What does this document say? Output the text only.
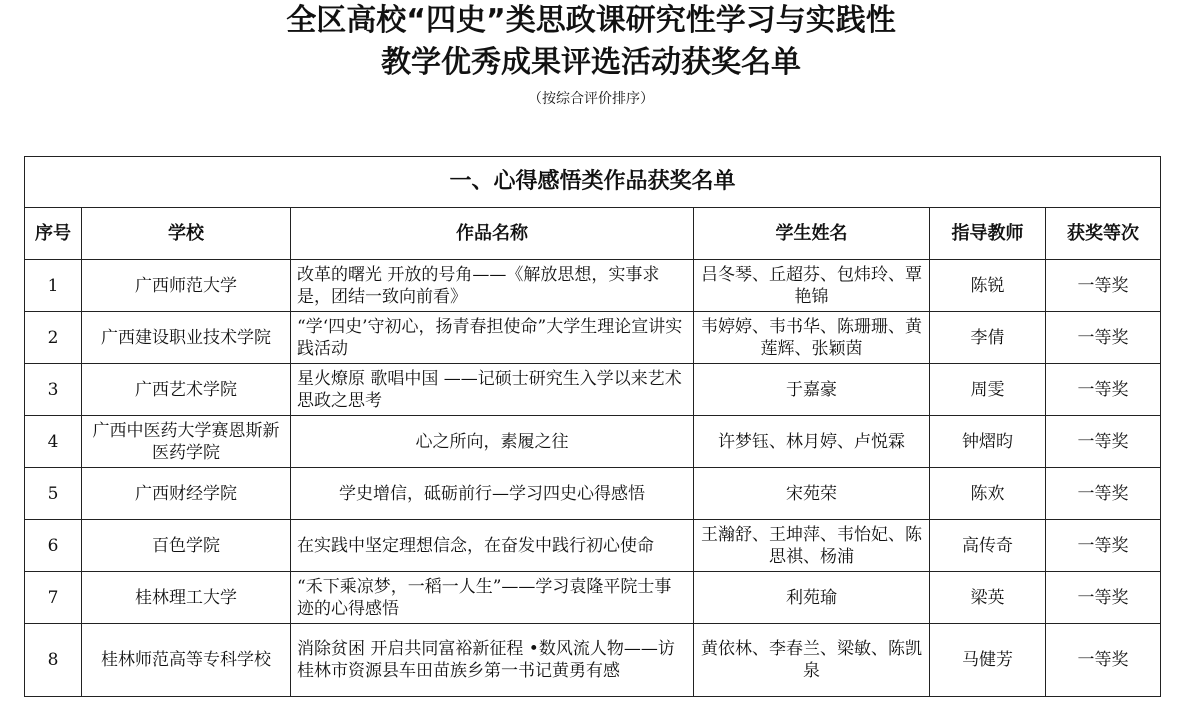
全区高校“四史”类思政课研究性学习与实践性
教学优秀成果评选活动获奖名单
（按综合评价排序）
一、心得感悟类作品获奖名单					
序号	学校	作品名称	学生姓名	指导教师	获奖等次
1	广西师范大学	改革的曙光 开放的号角——《解放思想，实事求是，团结一致向前看》	吕冬琴、丘超芬、包炜玲、覃艳锦	陈锐	一等奖
2	广西建设职业技术学院	“学‘四史’守初心，扬青春担使命”大学生理论宣讲实践活动	韦婷婷、韦书华、陈珊珊、黄莲辉、张颖茵	李倩	一等奖
3	广西艺术学院	星火燎原 歌唱中国 ——记硕士研究生入学以来艺术思政之思考	于嘉豪	周雯	一等奖
4	广西中医药大学赛恩斯新医药学院	心之所向，素履之往	许梦钰、林月婷、卢悦霖	钟熠昀	一等奖
5	广西财经学院	学史增信，砥砺前行—学习四史心得感悟	宋苑荣	陈欢	一等奖
6	百色学院	在实践中坚定理想信念，在奋发中践行初心使命	王瀚舒、王坤萍、韦怡妃、陈思祺、杨浦	高传奇	一等奖
7	桂林理工大学	“禾下乘凉梦，一稻一人生”——学习袁隆平院士事迹的心得感悟	利苑瑜	梁英	一等奖
8	桂林师范高等专科学校	消除贫困 开启共同富裕新征程 •数风流人物——访桂林市资源县车田苗族乡第一书记黄勇有感	黄依林、李春兰、梁敏、陈凯泉	马健芳	一等奖
